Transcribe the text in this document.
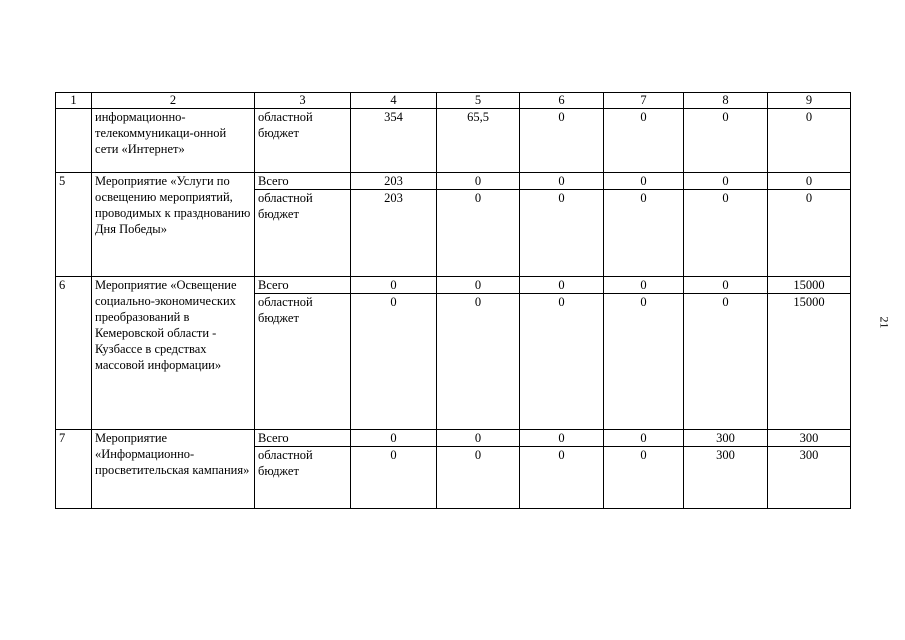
1	2	3	4	5	6	7	8	9
	информационно-телекоммуникаци-онной сети «Интернет»	областной бюджет	354	65,5	0	0	0	0
5	Мероприятие «Услуги по освещению мероприятий, проводимых к празднованию Дня Победы»	Всего	203	0	0	0	0	0
		областной бюджет	203	0	0	0	0	0
6	Мероприятие «Освещение социально-экономических преобразований в Кемеровской области - Кузбассе в средствах массовой информации»	Всего	0	0	0	0	0	15000
		областной бюджет	0	0	0	0	0	15000
7	Мероприятие «Информационно-просветительская кампания»	Всего	0	0	0	0	300	300
		областной бюджет	0	0	0	0	300	300
21
